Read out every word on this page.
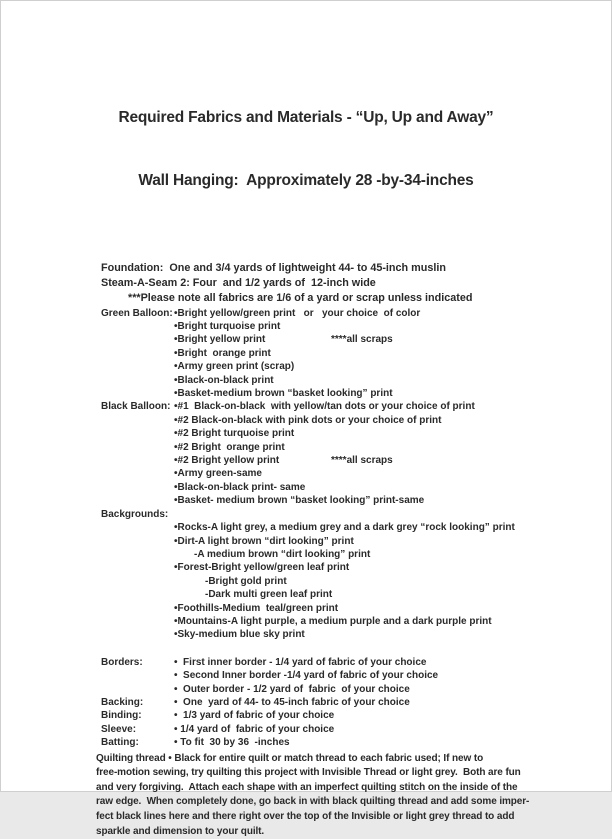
Required Fabrics and Materials - “Up, Up and Away”

Wall Hanging:  Approximately 28 -by-34-inches

Foundation:  One and 3/4 yards of lightweight 44- to 45-inch muslin
Steam-A-Seam 2: Four  and 1/2 yards of  12-inch wide
***Please note all fabrics are 1/6 of a yard or scrap unless indicated
Green Balloon: •Bright yellow/green print   or   your choice  of color
•Bright turquoise print
•Bright yellow print	****all scraps
•Bright  orange print
•Army green print (scrap)
•Black-on-black print
•Basket-medium brown “basket looking” print
Black Balloon: •#1  Black-on-black  with yellow/tan dots or your choice of print
•#2 Black-on-black with pink dots or your choice of print
•#2 Bright turquoise print
•#2 Bright  orange print
•#2 Bright yellow print	****all scraps
•Army green-same
•Black-on-black print- same
•Basket- medium brown “basket looking” print-same
Backgrounds:
•Rocks-A light grey, a medium grey and a dark grey “rock looking” print
•Dirt-A light brown “dirt looking” print
-A medium brown “dirt looking” print
•Forest-Bright yellow/green leaf print
-Bright gold print
-Dark multi green leaf print
•Foothills-Medium  teal/green print
•Mountains-A light purple, a medium purple and a dark purple print
•Sky-medium blue sky print
Borders:	•  First inner border - 1/4 yard of fabric of your choice
•  Second Inner border -1/4 yard of fabric of your choice
•  Outer border - 1/2 yard of  fabric  of your choice
Backing:	•  One  yard of 44- to 45-inch fabric of your choice
Binding:	•  1/3 yard of fabric of your choice
Sleeve:	• 1/4 yard of  fabric of your choice
Batting:	• To fit  30 by 36  -inches
Quilting thread • Black for entire quilt or match thread to each fabric used; If new to
free-motion sewing, try quilting this project with Invisible Thread or light grey.  Both are fun
and very forgiving.  Attach each shape with an imperfect quilting stitch on the inside of the
raw edge.  When completely done, go back in with black quilting thread and add some imper-
fect black lines here and there right over the top of the Invisible or light grey thread to add
sparkle and dimension to your quilt.
